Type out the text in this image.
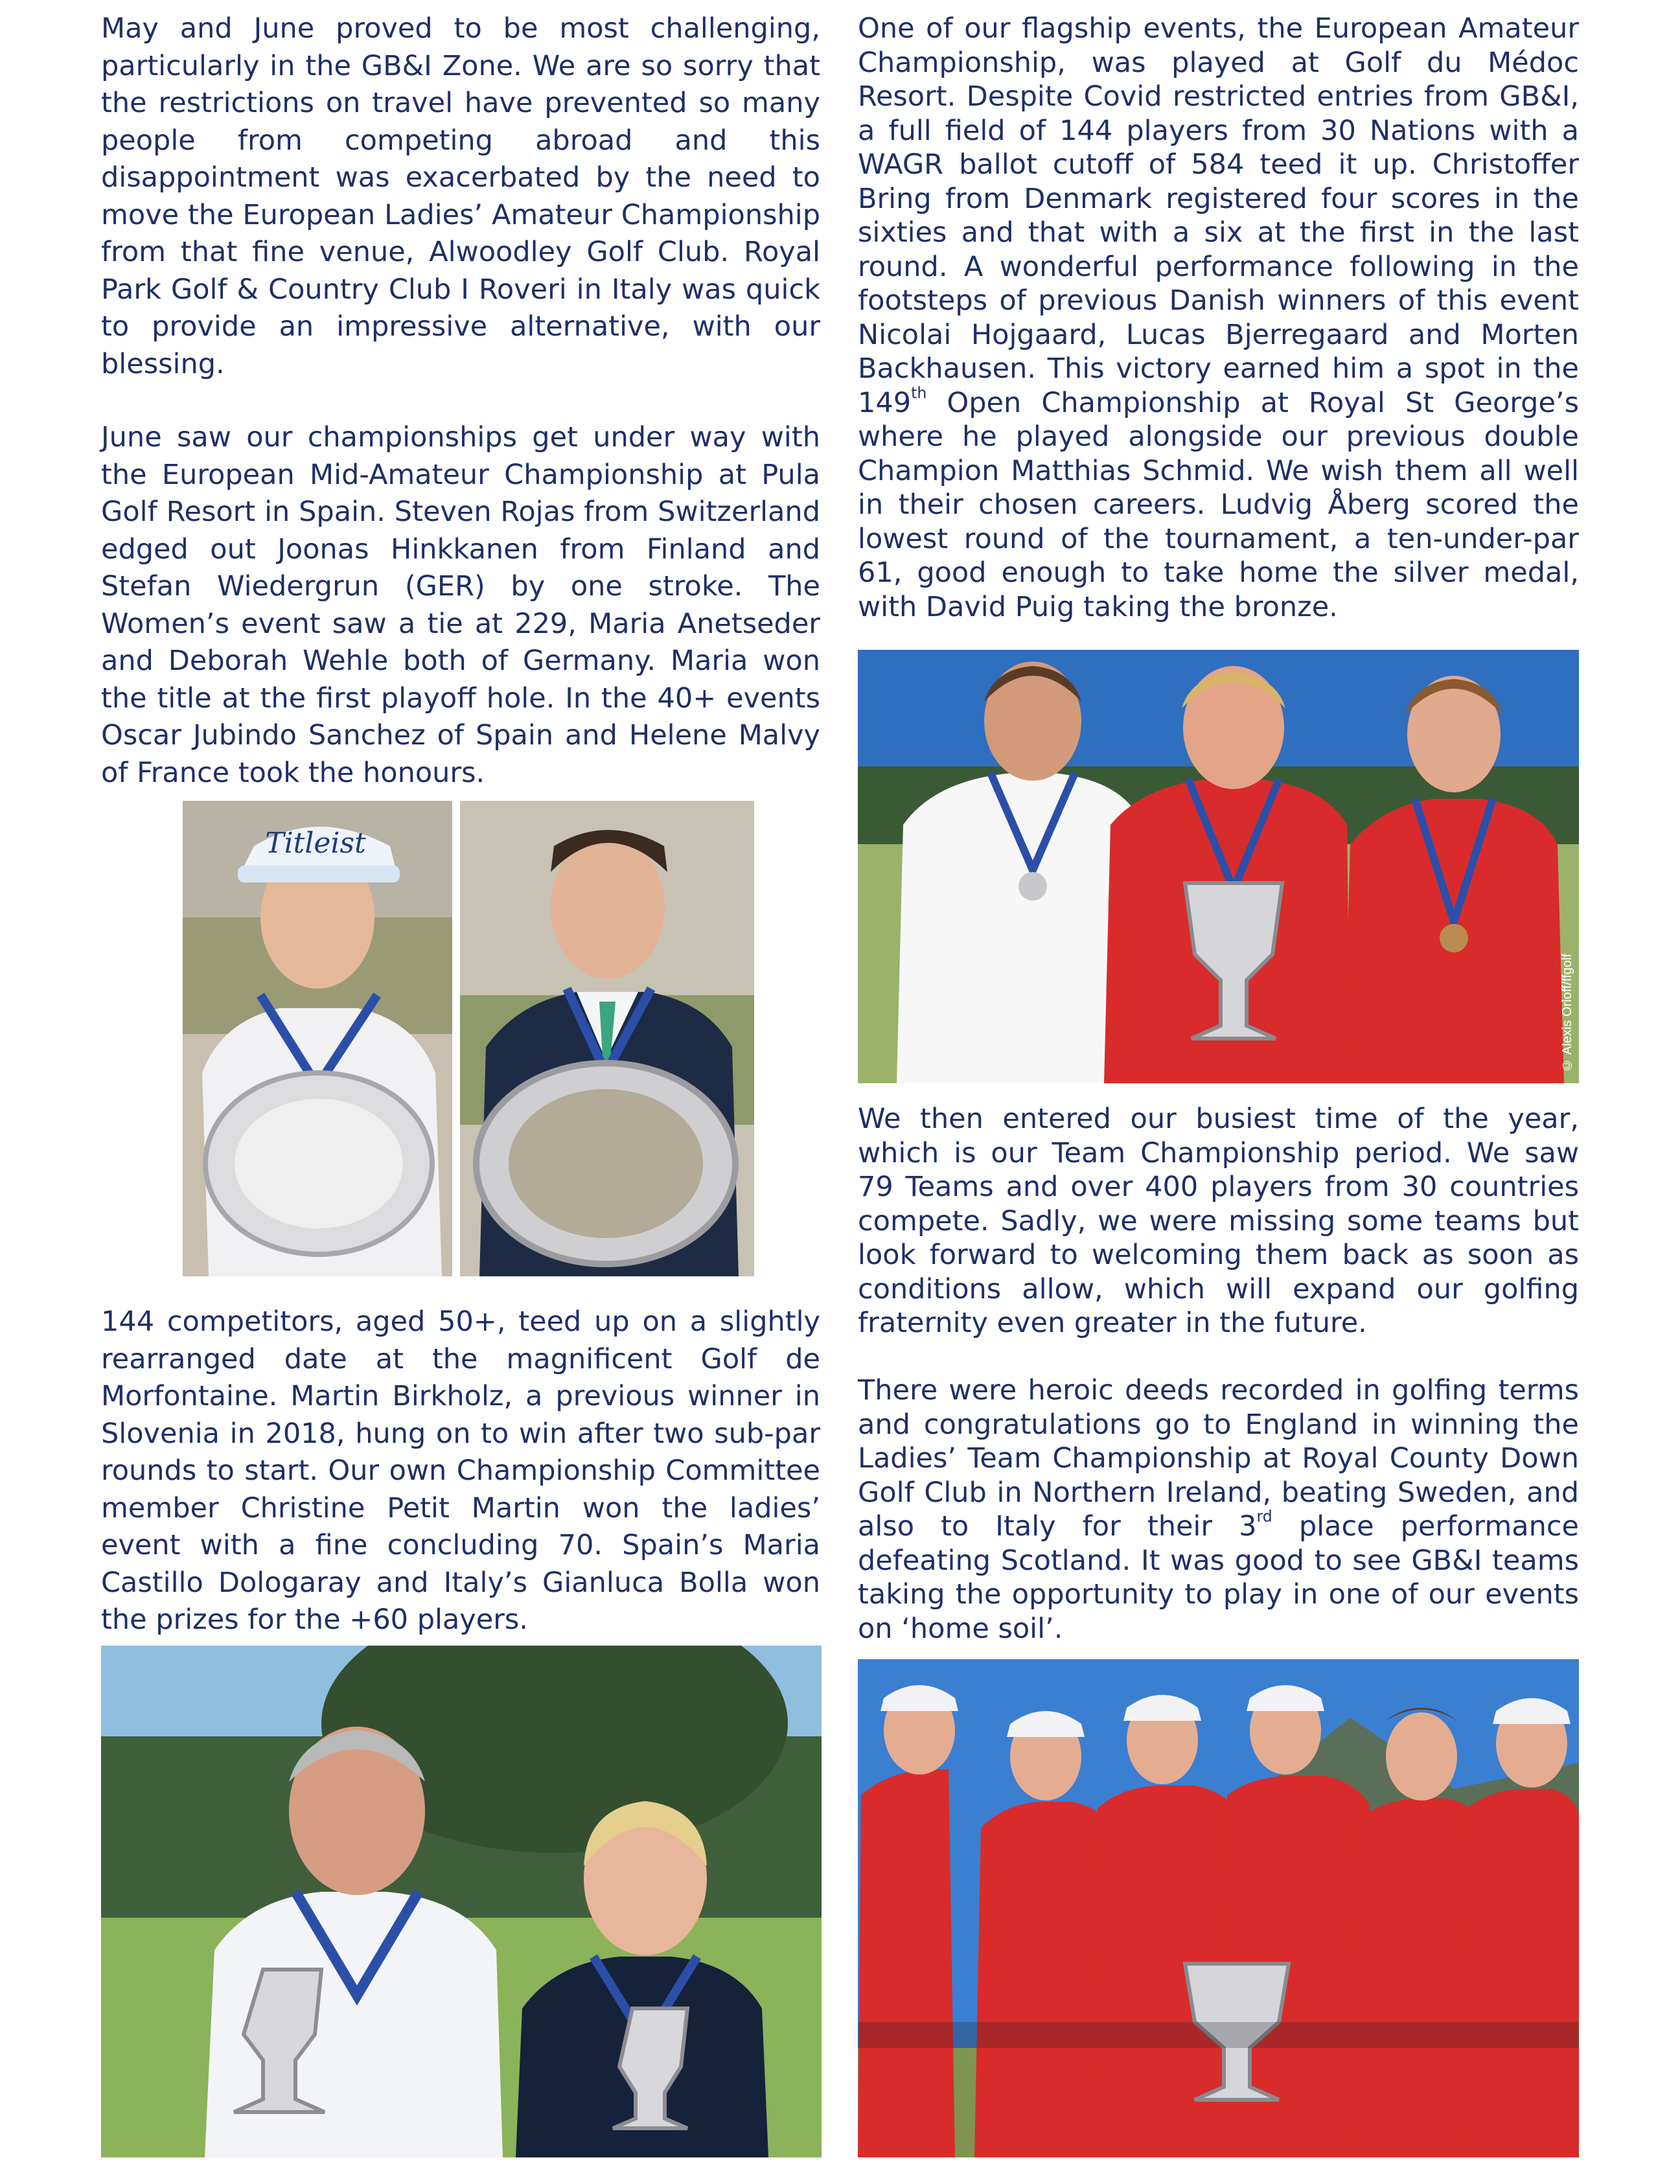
May and June proved to be most challenging, particularly in the GB&I Zone. We are so sorry that the restrictions on travel have prevented so many people from competing abroad and this disappointment was exacerbated by the need to move the European Ladies’ Amateur Championship from that fine venue, Alwoodley Golf Club. Royal Park Golf & Country Club I Roveri in Italy was quick to provide an impressive alternative, with our blessing.

June saw our championships get under way with the European Mid-Amateur Championship at Pula Golf Resort in Spain. Steven Rojas from Switzerland edged out Joonas Hinkkanen from Finland and Stefan Wiedergrun (GER) by one stroke. The Women’s event saw a tie at 229, Maria Anetseder and Deborah Wehle both of Germany. Maria won the title at the first playoff hole. In the 40+ events Oscar Jubindo Sanchez of Spain and Helene Malvy of France took the honours.

Titleist

144 competitors, aged 50+, teed up on a slightly rearranged date at the magnificent Golf de Morfontaine. Martin Birkholz, a previous winner in Slovenia in 2018, hung on to win after two sub-par rounds to start. Our own Championship Committee member Christine Petit Martin won the ladies’ event with a fine concluding 70. Spain’s Maria Castillo Dologaray and Italy’s Gianluca Bolla won the prizes for the +60 players.

One of our flagship events, the European Amateur Championship, was played at Golf du Médoc Resort. Despite Covid restricted entries from GB&I, a full field of 144 players from 30 Nations with a WAGR ballot cutoff of 584 teed it up. Christoffer Bring from Denmark registered four scores in the sixties and that with a six at the first in the last round. A wonderful performance following in the footsteps of previous Danish winners of this event Nicolai Hojgaard, Lucas Bjerregaard and Morten Backhausen. This victory earned him a spot in the 149th Open Championship at Royal St George’s where he played alongside our previous double Champion Matthias Schmid. We wish them all well in their chosen careers. Ludvig Åberg scored the lowest round of the tournament, a ten-under-par 61, good enough to take home the silver medal, with David Puig taking the bronze.

© Alexis Orloff/ffgolf

We then entered our busiest time of the year, which is our Team Championship period. We saw 79 Teams and over 400 players from 30 countries compete. Sadly, we were missing some teams but look forward to welcoming them back as soon as conditions allow, which will expand our golfing fraternity even greater in the future.

There were heroic deeds recorded in golfing terms and congratulations go to England in winning the Ladies’ Team Championship at Royal County Down Golf Club in Northern Ireland, beating Sweden, and also to Italy for their 3rd place performance defeating Scotland. It was good to see GB&I teams taking the opportunity to play in one of our events on ‘home soil’.
